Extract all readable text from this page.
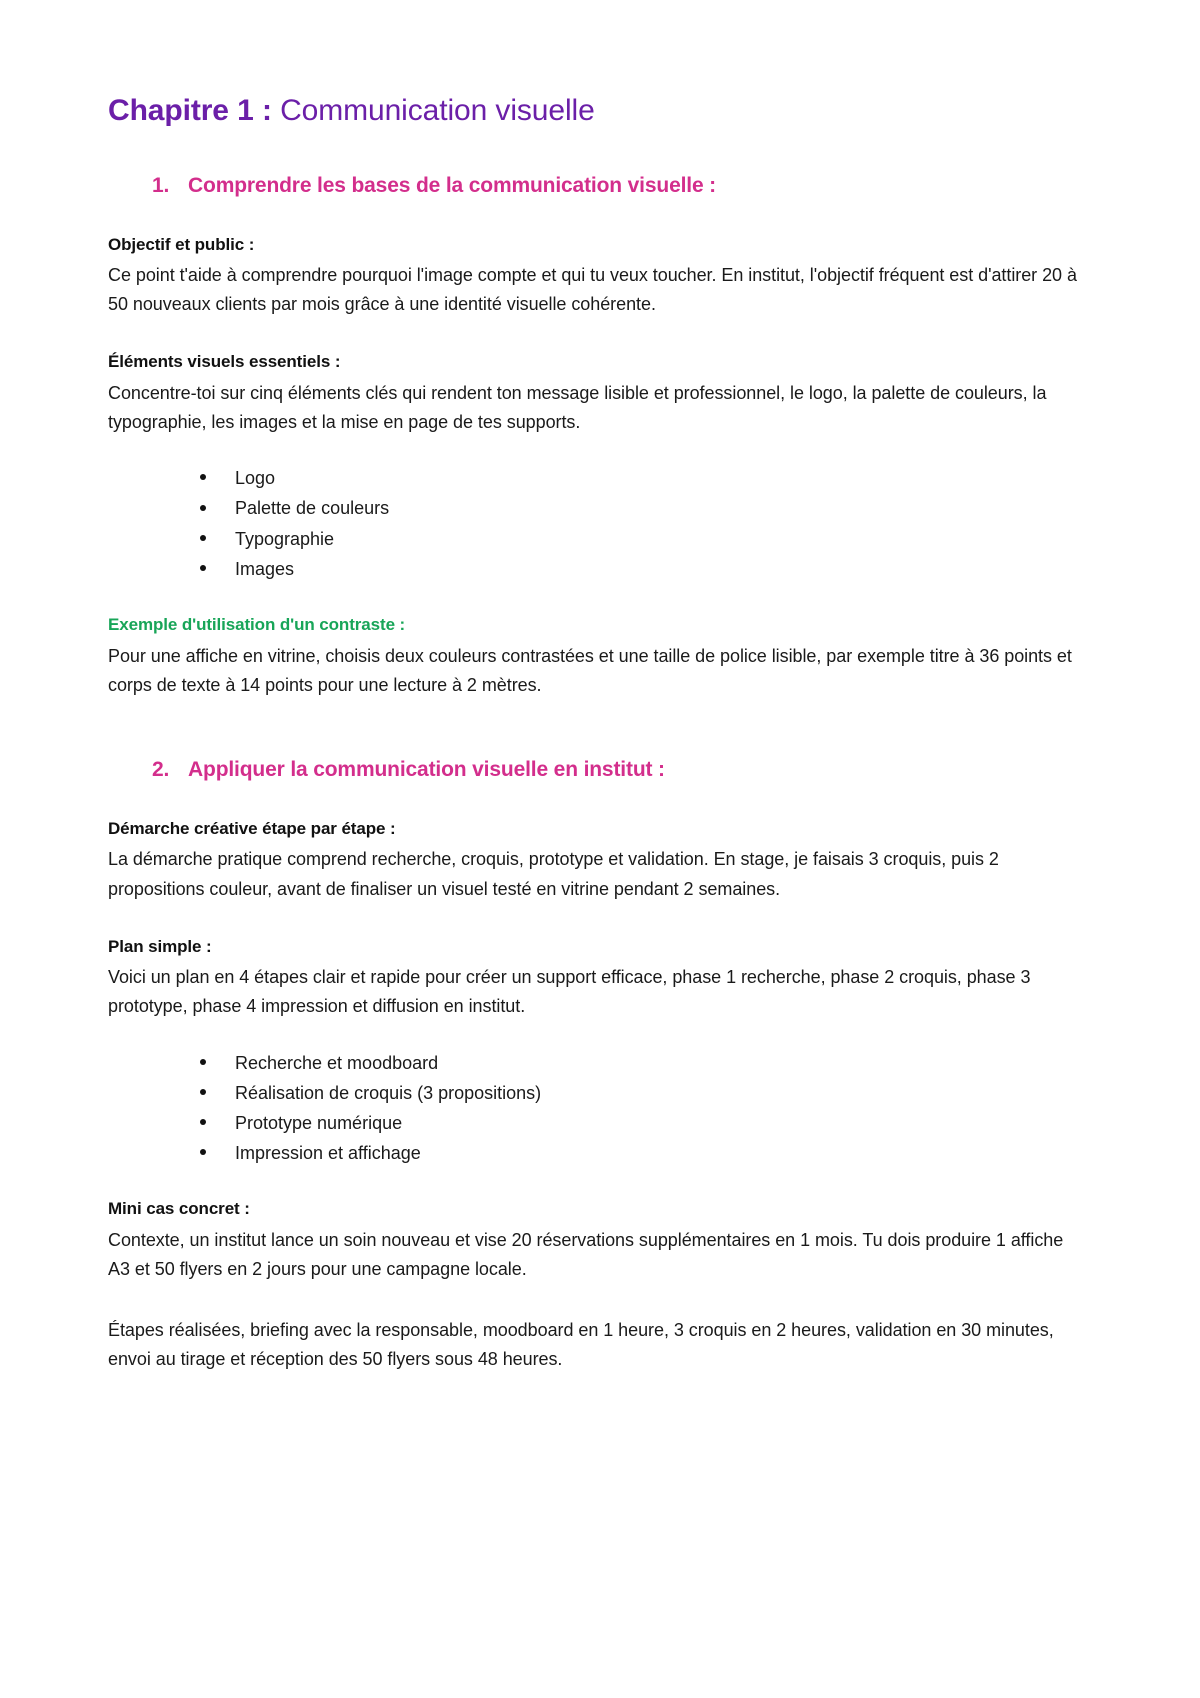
Chapitre 1 : Communication visuelle
1. Comprendre les bases de la communication visuelle :
Objectif et public :

Ce point t'aide à comprendre pourquoi l'image compte et qui tu veux toucher. En institut, l'objectif fréquent est d'attirer 20 à 50 nouveaux clients par mois grâce à une identité visuelle cohérente.

Éléments visuels essentiels :

Concentre-toi sur cinq éléments clés qui rendent ton message lisible et professionnel, le logo, la palette de couleurs, la typographie, les images et la mise en page de tes supports.

Logo
Palette de couleurs
Typographie
Images
Exemple d'utilisation d'un contraste :

Pour une affiche en vitrine, choisis deux couleurs contrastées et une taille de police lisible, par exemple titre à 36 points et corps de texte à 14 points pour une lecture à 2 mètres.

2. Appliquer la communication visuelle en institut :
Démarche créative étape par étape :

La démarche pratique comprend recherche, croquis, prototype et validation. En stage, je faisais 3 croquis, puis 2 propositions couleur, avant de finaliser un visuel testé en vitrine pendant 2 semaines.

Plan simple :

Voici un plan en 4 étapes clair et rapide pour créer un support efficace, phase 1 recherche, phase 2 croquis, phase 3 prototype, phase 4 impression et diffusion en institut.

Recherche et moodboard
Réalisation de croquis (3 propositions)
Prototype numérique
Impression et affichage
Mini cas concret :

Contexte, un institut lance un soin nouveau et vise 20 réservations supplémentaires en 1 mois. Tu dois produire 1 affiche A3 et 50 flyers en 2 jours pour une campagne locale.

Étapes réalisées, briefing avec la responsable, moodboard en 1 heure, 3 croquis en 2 heures, validation en 30 minutes, envoi au tirage et réception des 50 flyers sous 48 heures.
